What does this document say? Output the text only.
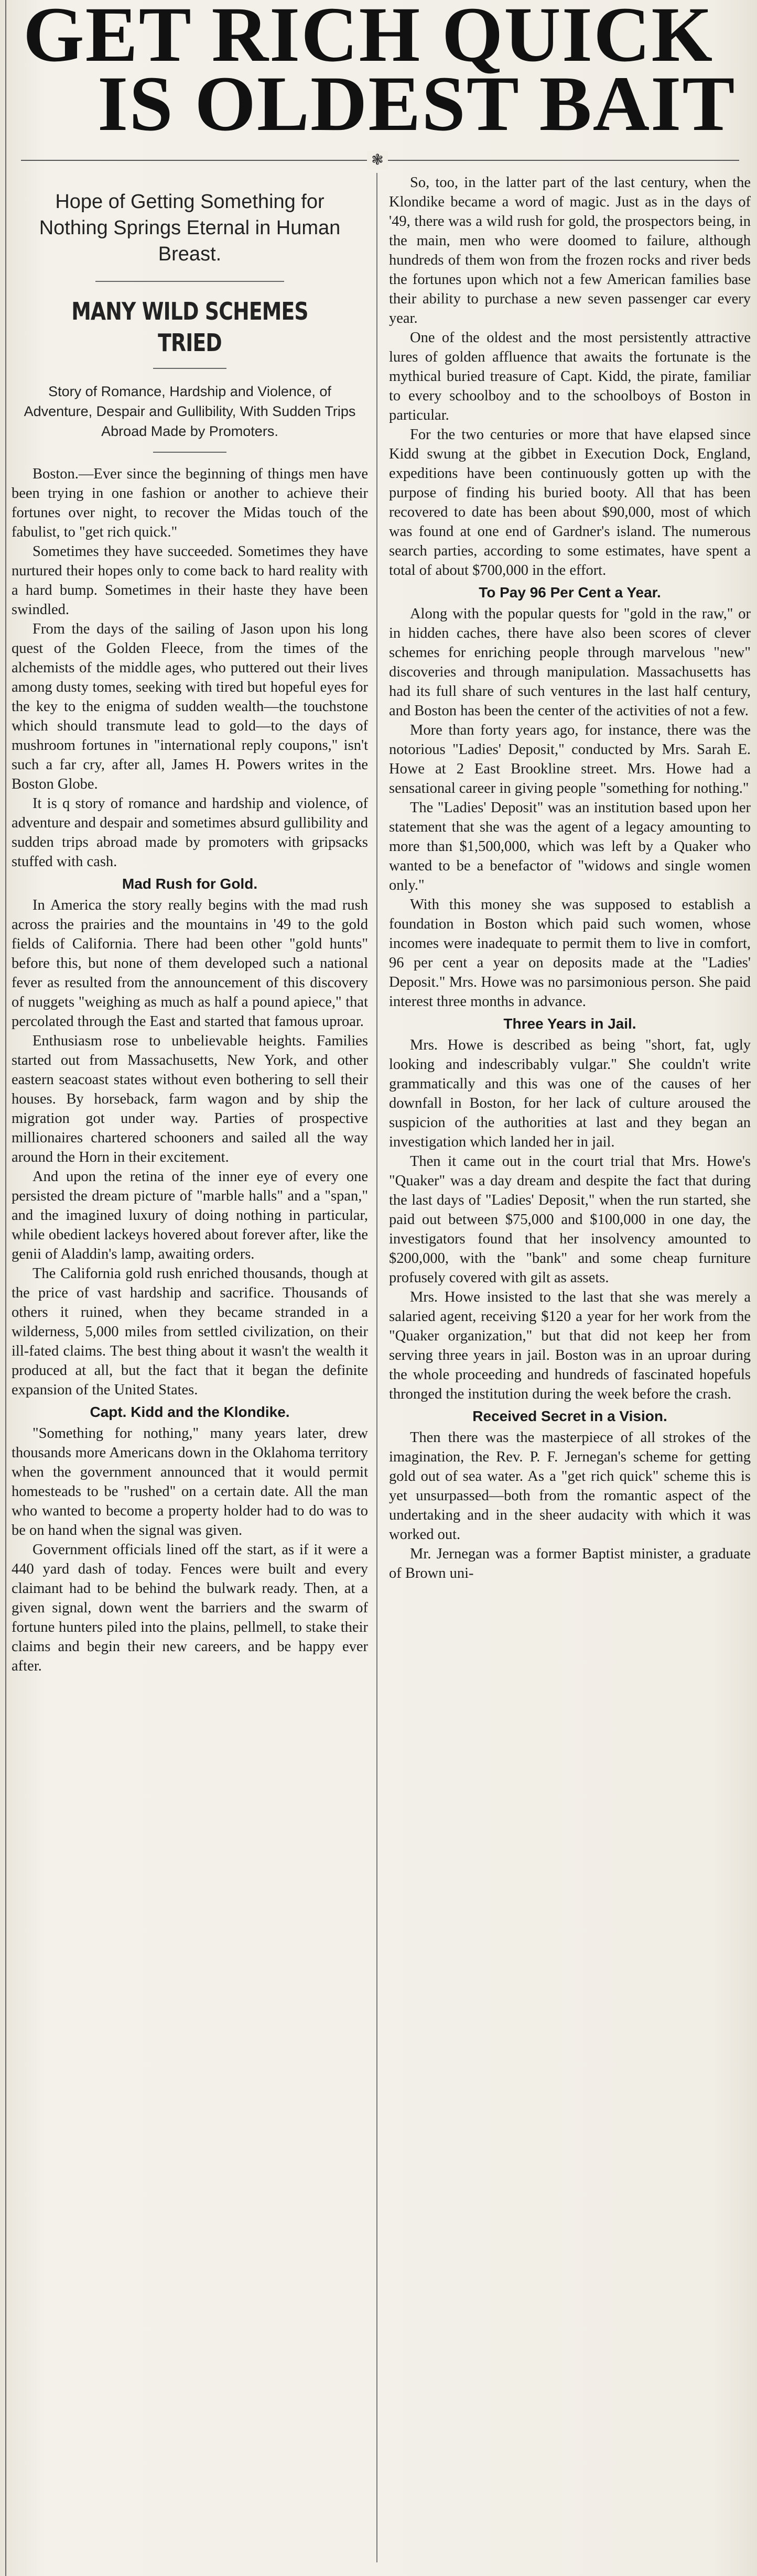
GET RICH QUICK
IS OLDEST BAIT
❃
Hope of Getting Something for Nothing Springs Eternal in Human Breast.
MANY WILD SCHEMES TRIED
Story of Romance, Hardship and Violence, of Adventure, Despair and Gullibility, With Sudden Trips Abroad Made by Promoters.

Boston.—Ever since the beginning of things men have been trying in one fashion or another to achieve their fortunes over night, to recover the Midas touch of the fabulist, to "get rich quick."

Sometimes they have succeeded. Sometimes they have nurtured their hopes only to come back to hard reality with a hard bump. Sometimes in their haste they have been swindled.

From the days of the sailing of Jason upon his long quest of the Golden Fleece, from the times of the alchemists of the middle ages, who puttered out their lives among dusty tomes, seeking with tired but hopeful eyes for the key to the enigma of sudden wealth—the touchstone which should transmute lead to gold—to the days of mushroom fortunes in "international reply coupons," isn't such a far cry, after all, James H. Powers writes in the Boston Globe.

It is q story of romance and hardship and violence, of adventure and despair and sometimes absurd gullibility and sudden trips abroad made by promoters with gripsacks stuffed with cash.

Mad Rush for Gold.

In America the story really begins with the mad rush across the prairies and the mountains in '49 to the gold fields of California. There had been other "gold hunts" before this, but none of them developed such a national fever as resulted from the announcement of this discovery of nuggets "weighing as much as half a pound apiece," that percolated through the East and started that famous uproar.

Enthusiasm rose to unbelievable heights. Families started out from Massachusetts, New York, and other eastern seacoast states without even bothering to sell their houses. By horseback, farm wagon and by ship the migration got under way. Parties of prospective millionaires chartered schooners and sailed all the way around the Horn in their excitement.

And upon the retina of the inner eye of every one persisted the dream picture of "marble halls" and a "span," and the imagined luxury of doing nothing in particular, while obedient lackeys hovered about forever after, like the genii of Aladdin's lamp, awaiting orders.

The California gold rush enriched thousands, though at the price of vast hardship and sacrifice. Thousands of others it ruined, when they became stranded in a wilderness, 5,000 miles from settled civilization, on their ill-fated claims. The best thing about it wasn't the wealth it produced at all, but the fact that it began the definite expansion of the United States.

Capt. Kidd and the Klondike.

"Something for nothing," many years later, drew thousands more Americans down in the Oklahoma territory when the government announced that it would permit homesteads to be "rushed" on a certain date. All the man who wanted to become a property holder had to do was to be on hand when the signal was given.

Government officials lined off the start, as if it were a 440 yard dash of today. Fences were built and every claimant had to be behind the bulwark ready. Then, at a given signal, down went the barriers and the swarm of fortune hunters piled into the plains, pellmell, to stake their claims and begin their new careers, and be happy ever after.

So, too, in the latter part of the last century, when the Klondike became a word of magic. Just as in the days of '49, there was a wild rush for gold, the prospectors being, in the main, men who were doomed to failure, although hundreds of them won from the frozen rocks and river beds the fortunes upon which not a few American families base their ability to purchase a new seven passenger car every year.

One of the oldest and the most persistently attractive lures of golden affluence that awaits the fortunate is the mythical buried treasure of Capt. Kidd, the pirate, familiar to every schoolboy and to the schoolboys of Boston in particular.

For the two centuries or more that have elapsed since Kidd swung at the gibbet in Execution Dock, England, expeditions have been continuously gotten up with the purpose of finding his buried booty. All that has been recovered to date has been about $90,000, most of which was found at one end of Gardner's island. The numerous search parties, according to some estimates, have spent a total of about $700,000 in the effort.

To Pay 96 Per Cent a Year.

Along with the popular quests for "gold in the raw," or in hidden caches, there have also been scores of clever schemes for enriching people through marvelous "new" discoveries and through manipulation. Massachusetts has had its full share of such ventures in the last half century, and Boston has been the center of the activities of not a few.

More than forty years ago, for instance, there was the notorious "Ladies' Deposit," conducted by Mrs. Sarah E. Howe at 2 East Brookline street. Mrs. Howe had a sensational career in giving people "something for nothing."

The "Ladies' Deposit" was an institution based upon her statement that she was the agent of a legacy amounting to more than $1,500,000, which was left by a Quaker who wanted to be a benefactor of "widows and single women only."

With this money she was supposed to establish a foundation in Boston which paid such women, whose incomes were inadequate to permit them to live in comfort, 96 per cent a year on deposits made at the "Ladies' Deposit." Mrs. Howe was no parsimonious person. She paid interest three months in advance.

Three Years in Jail.

Mrs. Howe is described as being "short, fat, ugly looking and indescribably vulgar." She couldn't write grammatically and this was one of the causes of her downfall in Boston, for her lack of culture aroused the suspicion of the authorities at last and they began an investigation which landed her in jail.

Then it came out in the court trial that Mrs. Howe's "Quaker" was a day dream and despite the fact that during the last days of "Ladies' Deposit," when the run started, she paid out between $75,000 and $100,000 in one day, the investigators found that her insolvency amounted to $200,000, with the "bank" and some cheap furniture profusely covered with gilt as assets.

Mrs. Howe insisted to the last that she was merely a salaried agent, receiving $120 a year for her work from the "Quaker organization," but that did not keep her from serving three years in jail. Boston was in an uproar during the whole proceeding and hundreds of fascinated hopefuls thronged the institution during the week before the crash.

Received Secret in a Vision.

Then there was the masterpiece of all strokes of the imagination, the Rev. P. F. Jernegan's scheme for getting gold out of sea water. As a "get rich quick" scheme this is yet unsurpassed—both from the romantic aspect of the undertaking and in the sheer audacity with which it was worked out.

Mr. Jernegan was a former Baptist minister, a graduate of Brown uni-
